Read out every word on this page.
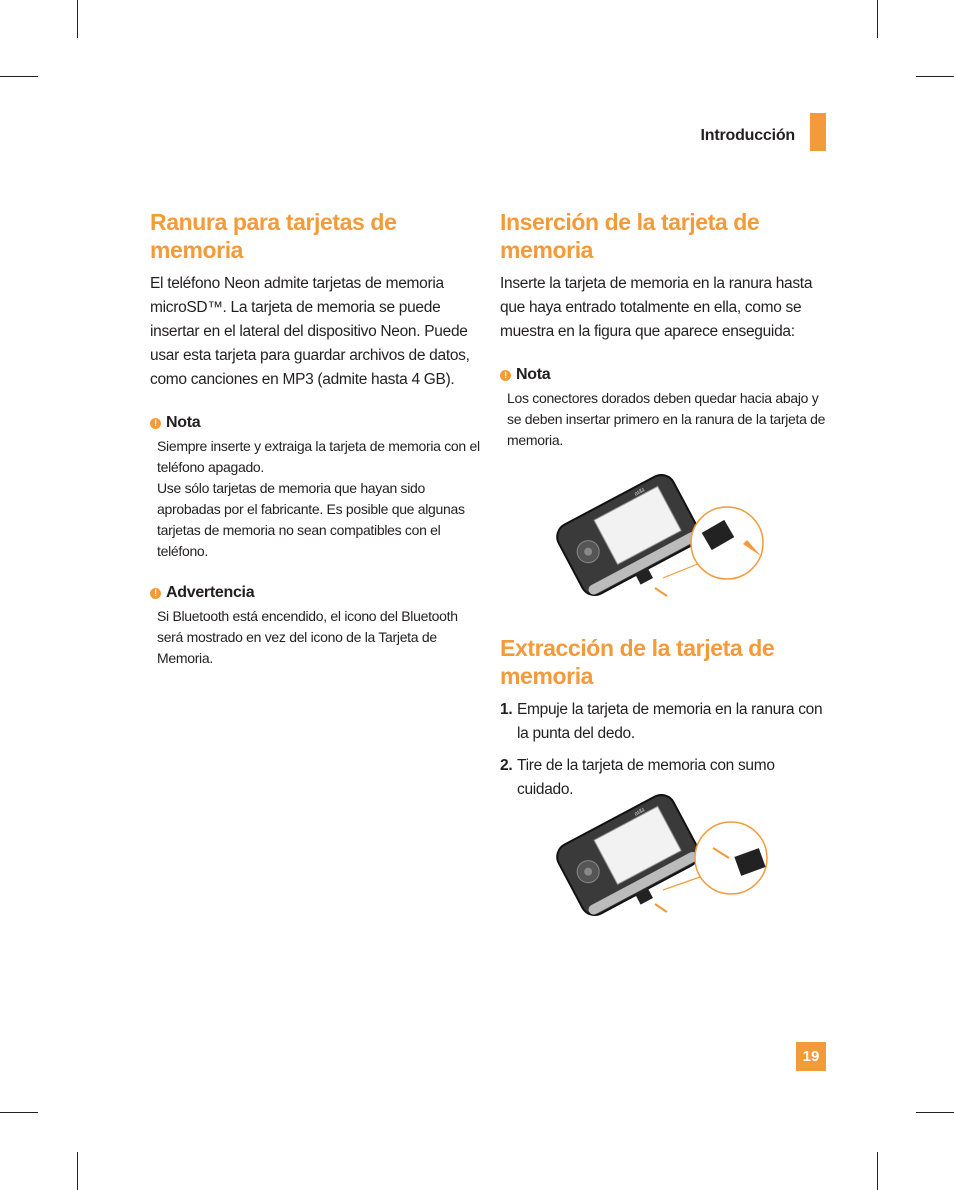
Introducción
Ranura para tarjetas de memoria

El teléfono Neon admite tarjetas de memoria microSD™. La tarjeta de memoria se puede insertar en el lateral del dispositivo Neon. Puede usar esta tarjeta para guardar archivos de datos, como canciones en MP3 (admite hasta 4 GB).

! Nota

Siempre inserte y extraiga la tarjeta de memoria con el teléfono apagado.

Use sólo tarjetas de memoria que hayan sido aprobadas por el fabricante. Es posible que algunas tarjetas de memoria no sean compatibles con el teléfono.

! Advertencia

Si Bluetooth está encendido, el icono del Bluetooth será mostrado en vez del icono de la Tarjeta de Memoria.

Inserción de la tarjeta de memoria

Inserte la tarjeta de memoria en la ranura hasta que haya entrado totalmente en ella, como se muestra en la figura que aparece enseguida:

! Nota

Los conectores dorados deben quedar hacia abajo y se deben insertar primero en la ranura de la tarjeta de memoria.

Extracción de la tarjeta de memoria
1. Empuje la tarjeta de memoria en la ranura con la punta del dedo.
2. Tire de la tarjeta de memoria con sumo cuidado.
at&t
at&t
19
